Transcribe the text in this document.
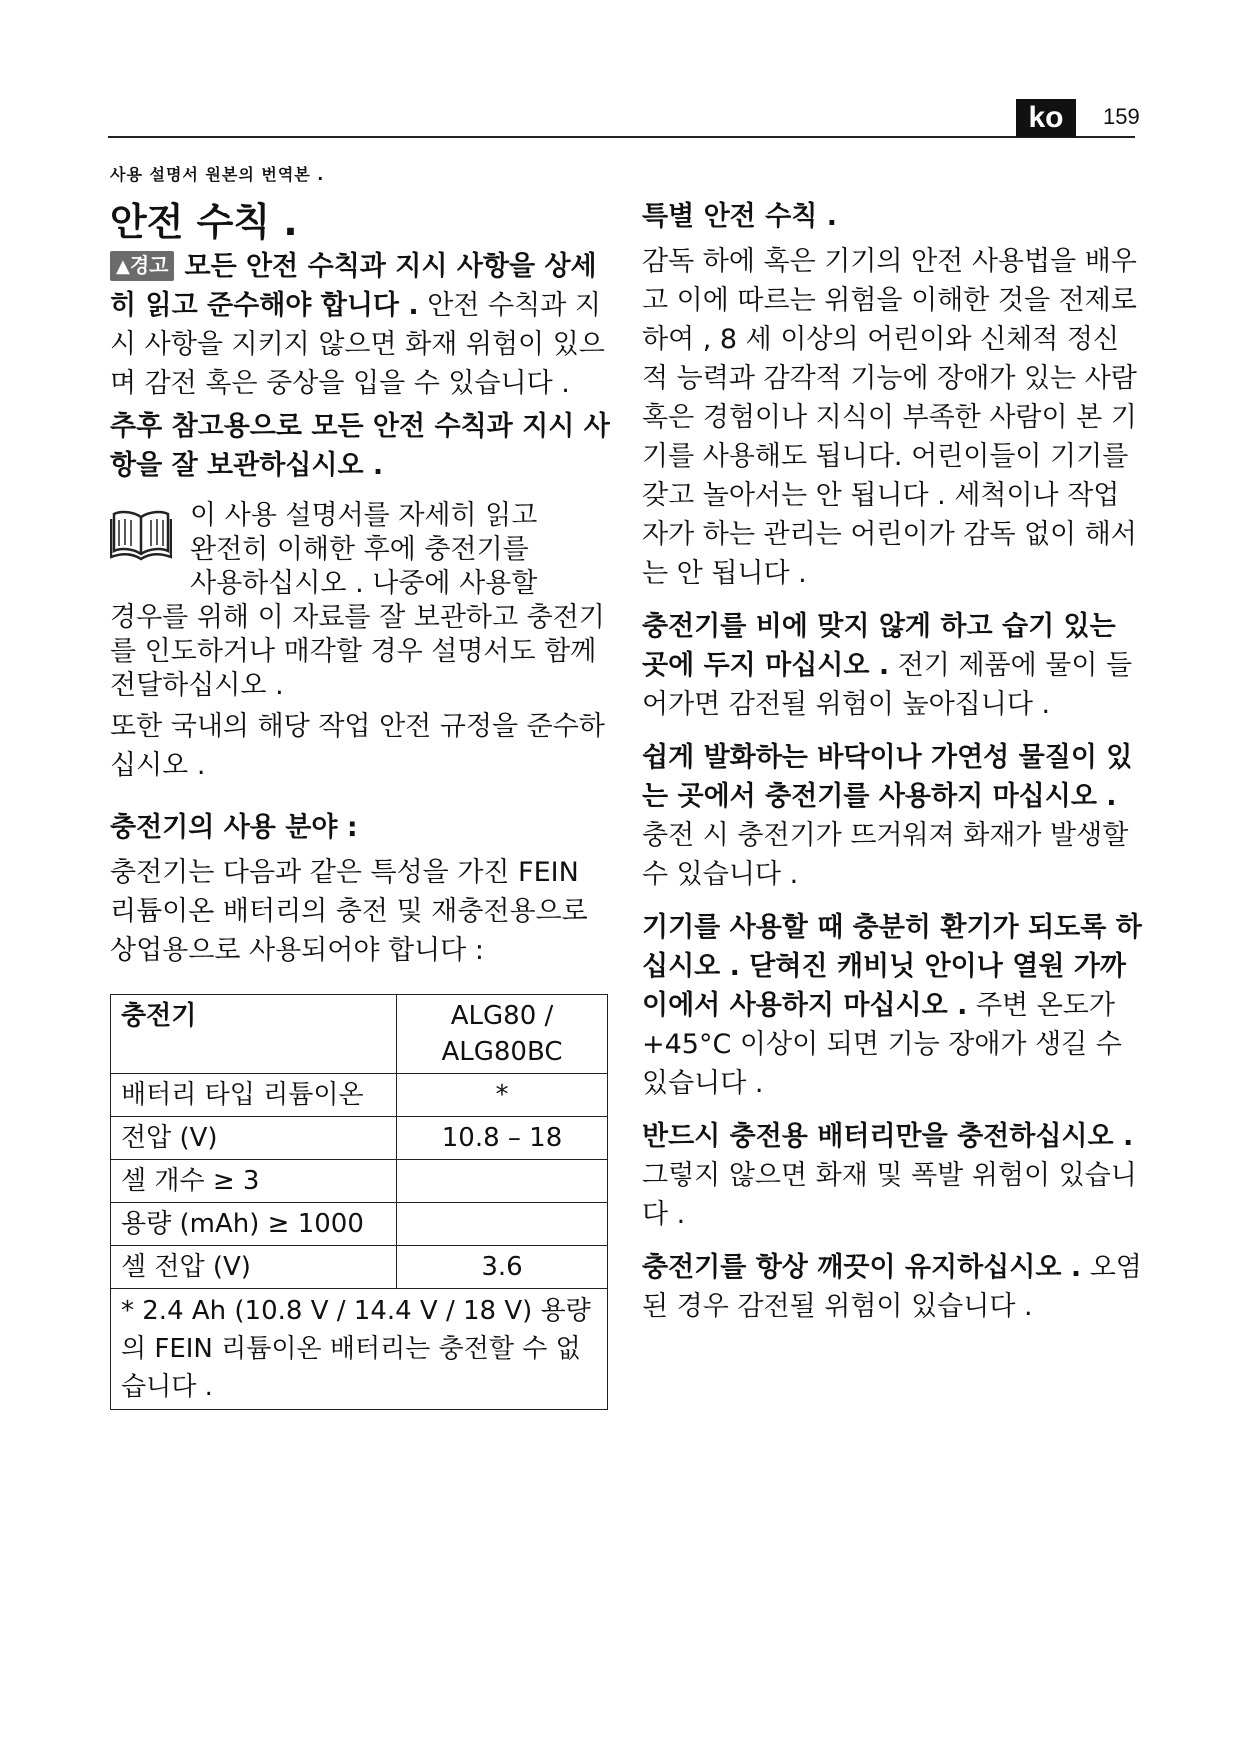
ko	159
사용 설명서 원본의 번역본 .
안전 수칙 .

▲경고 모든 안전 수칙과 지시 사항을 상세히 읽고 준수해야 합니다 . 안전 수칙과 지시 사항을 지키지 않으면 화재 위험이 있으며 감전 혹은 중상을 입을 수 있습니다 .

추후 참고용으로 모든 안전 수칙과 지시 사항을 잘 보관하십시오 .

이 사용 설명서를 자세히 읽고

완전히 이해한 후에 충전기를

사용하십시오 . 나중에 사용할

경우를 위해 이 자료를 잘 보관하고 충전기를 인도하거나 매각할 경우 설명서도 함께 전달하십시오 .

또한 국내의 해당 작업 안전 규정을 준수하십시오 .

충전기의 사용 분야 :

충전기는 다음과 같은 특성을 가진 FEIN 리튬이온 배터리의 충전 및 재충전용으로 상업용으로 사용되어야 합니다 :

충전기	ALG80 / ALG80BC
배터리 타입 리튬이온	*
전압 (V)	10.8 – 18
셀 개수 ≥ 3	
용량 (mAh) ≥ 1000	
셀 전압 (V)	3.6
* 2.4 Ah (10.8 V / 14.4 V / 18 V) 용량의 FEIN 리튬이온 배터리는 충전할 수 없습니다 .	
특별 안전 수칙 .

감독 하에 혹은 기기의 안전 사용법을 배우고 이에 따르는 위험을 이해한 것을 전제로 하여 , 8 세 이상의 어린이와 신체적 정신적 능력과 감각적 기능에 장애가 있는 사람 혹은 경험이나 지식이 부족한 사람이 본 기기를 사용해도 됩니다. 어린이들이 기기를 갖고 놀아서는 안 됩니다 . 세척이나 작업자가 하는 관리는 어린이가 감독 없이 해서는 안 됩니다 .

충전기를 비에 맞지 않게 하고 습기 있는 곳에 두지 마십시오 . 전기 제품에 물이 들어가면 감전될 위험이 높아집니다 .

쉽게 발화하는 바닥이나 가연성 물질이 있는 곳에서 충전기를 사용하지 마십시오 . 충전 시 충전기가 뜨거워져 화재가 발생할 수 있습니다 .

기기를 사용할 때 충분히 환기가 되도록 하십시오 . 닫혀진 캐비닛 안이나 열원 가까이에서 사용하지 마십시오 . 주변 온도가 +45°C 이상이 되면 기능 장애가 생길 수 있습니다 .

반드시 충전용 배터리만을 충전하십시오 . 그렇지 않으면 화재 및 폭발 위험이 있습니다 .

충전기를 항상 깨끗이 유지하십시오 . 오염된 경우 감전될 위험이 있습니다 .
